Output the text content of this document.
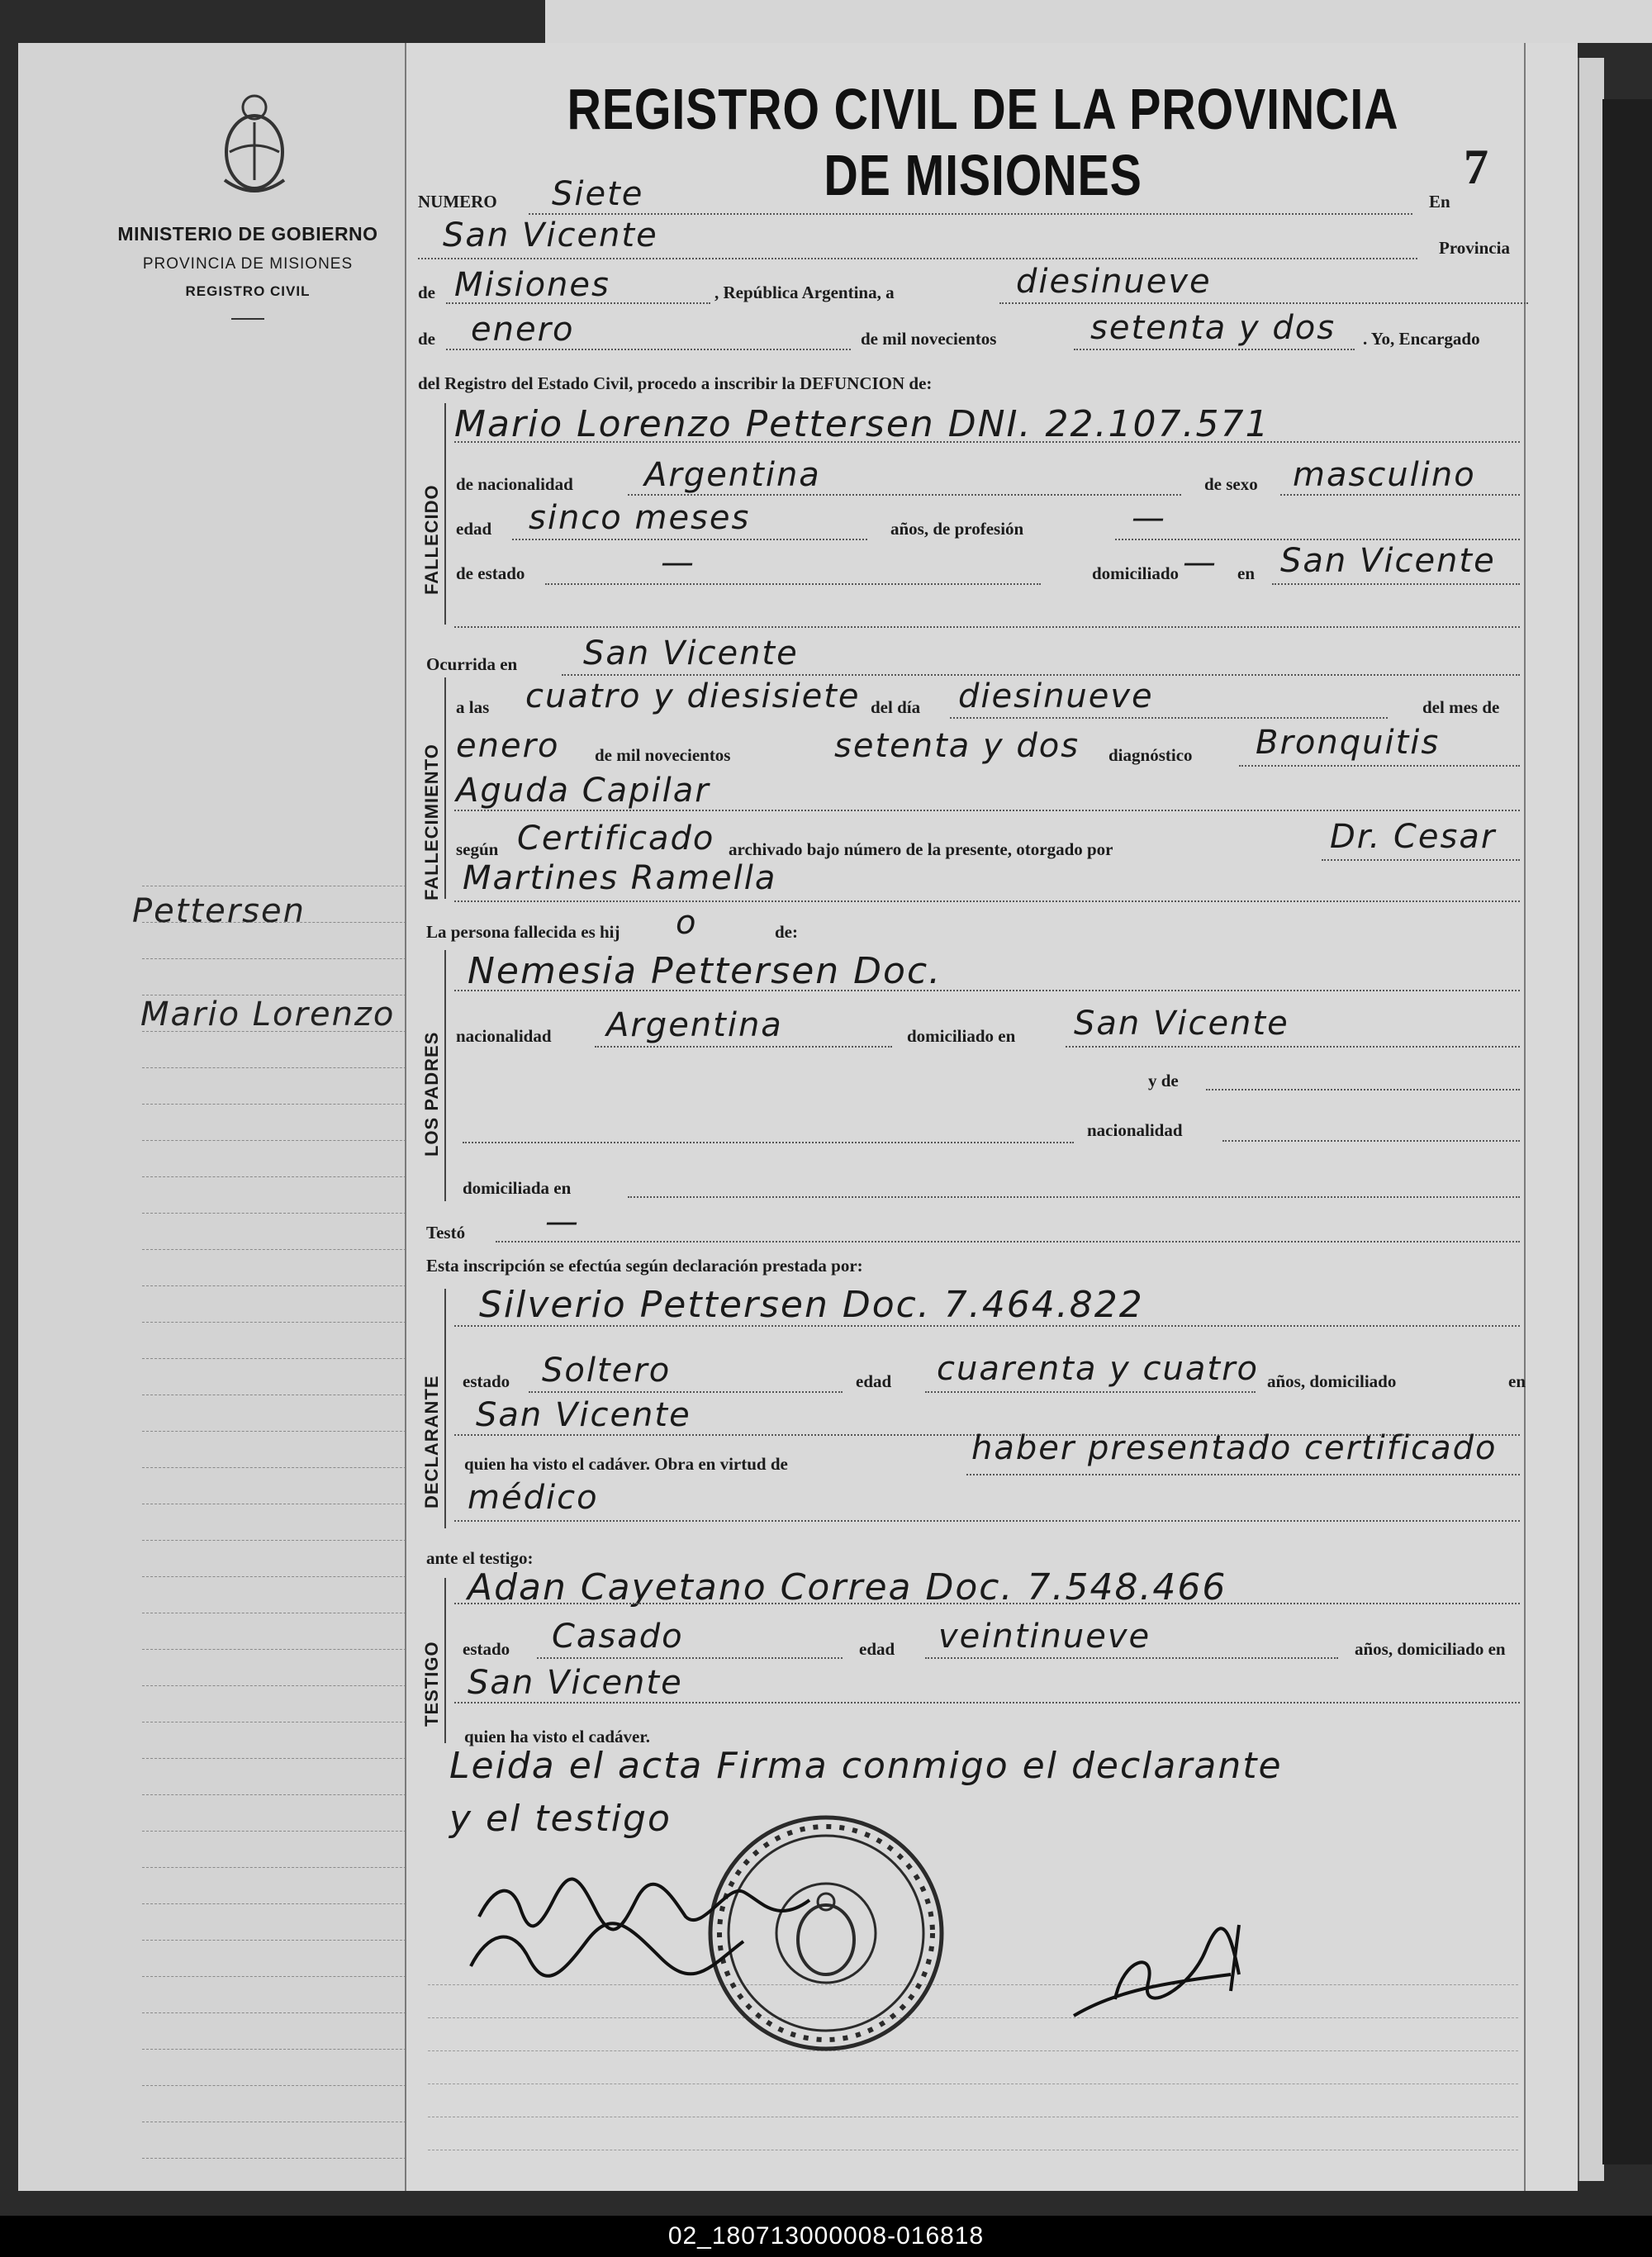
MINISTERIO DE GOBIERNO
PROVINCIA DE MISIONES
REGISTRO CIVIL
Pettersen
Mario Lorenzo
REGISTRO CIVIL DE LA PROVINCIA DE MISIONES	7
NUMERO Siete	En
San Vicente	Provincia
de Misiones	, República Argentina, a	diesinueve
de enero	de mil novecientos	setenta y dos . Yo, Encargado
del Registro del Estado Civil, procedo a inscribir la DEFUNCION de:
FALLECIDO
Mario Lorenzo Pettersen DNI. 22.107.571
de nacionalidad Argentina	de sexo masculino
edad sinco meses	años, de profesión	—
de estado	—	domiciliado — en San Vicente
Ocurrida en San Vicente
FALLECIMIENTO
a las cuatro y diesisiete del día diesinueve	del mes de
enero de mil novecientos	setenta y dos diagnóstico Bronquitis
Aguda Capilar
según Certificado archivado bajo número de la presente, otorgado por	Dr. Cesar
Martines Ramella
La persona fallecida es hij o	de:
LOS PADRES
Nemesia Pettersen Doc.
nacionalidad Argentina	domiciliado en San Vicente
y de
nacionalidad
domiciliada en
Testó —
Esta inscripción se efectúa según declaración prestada por:
DECLARANTE
Silverio Pettersen Doc. 7.464.822
estado Soltero	edad cuarenta y cuatro años, domiciliado	en
San Vicente
quien ha visto el cadáver. Obra en virtud de	haber presentado certificado
médico
ante el testigo:
TESTIGO
Adan Cayetano Correa Doc. 7.548.466
estado Casado	edad veintinueve	años, domiciliado en
San Vicente
quien ha visto el cadáver.
Leida el acta Firma conmigo el declarante
y el testigo
02_180713000008-016818
